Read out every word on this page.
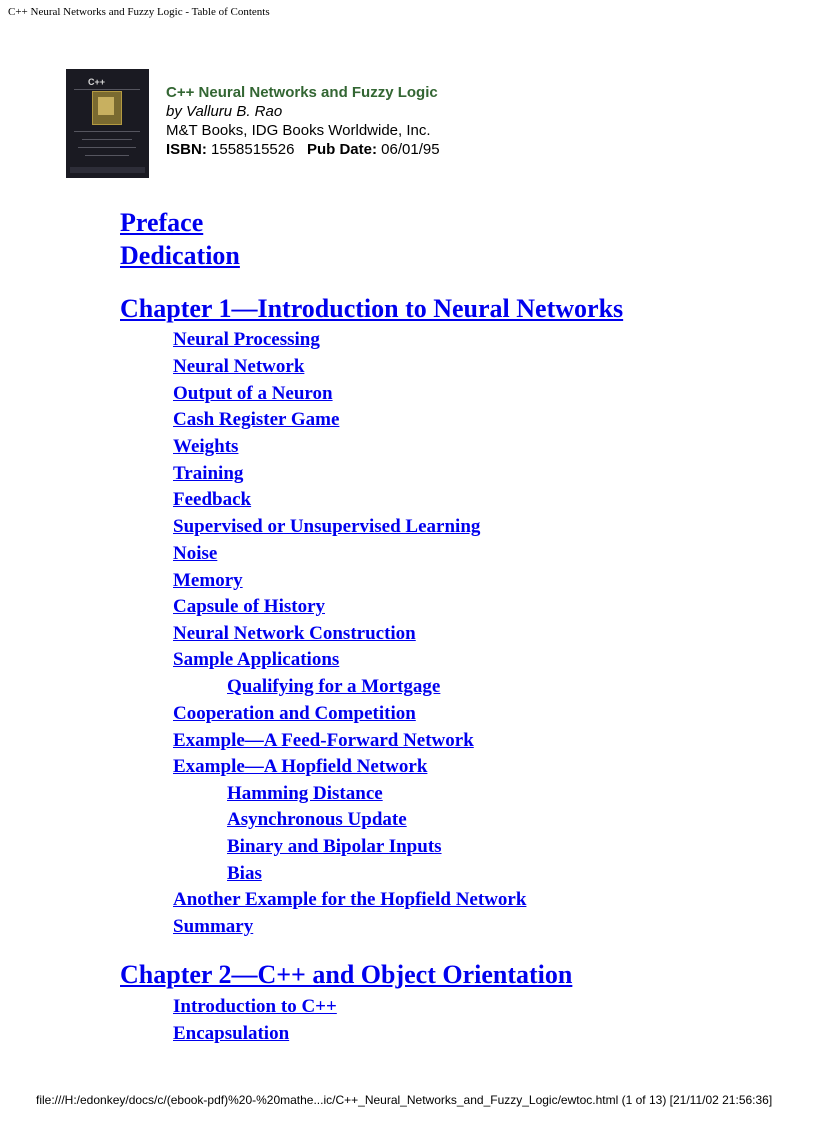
C++ Neural Networks and Fuzzy Logic - Table of Contents
C++
C++ Neural Networks and Fuzzy Logic
by Valluru B. Rao
M&T Books, IDG Books Worldwide, Inc.
ISBN: 1558515526 Pub Date: 06/01/95
Preface
Dedication
Chapter 1—Introduction to Neural Networks
Neural Processing
Neural Network
Output of a Neuron
Cash Register Game
Weights
Training
Feedback
Supervised or Unsupervised Learning
Noise
Memory
Capsule of History
Neural Network Construction
Sample Applications
Qualifying for a Mortgage
Cooperation and Competition
Example—A Feed-Forward Network
Example—A Hopfield Network
Hamming Distance
Asynchronous Update
Binary and Bipolar Inputs
Bias
Another Example for the Hopfield Network
Summary
Chapter 2—C++ and Object Orientation
Introduction to C++
Encapsulation
file:///H:/edonkey/docs/c/(ebook-pdf)%20-%20mathe...ic/C++_Neural_Networks_and_Fuzzy_Logic/ewtoc.html (1 of 13) [21/11/02 21:56:36]
